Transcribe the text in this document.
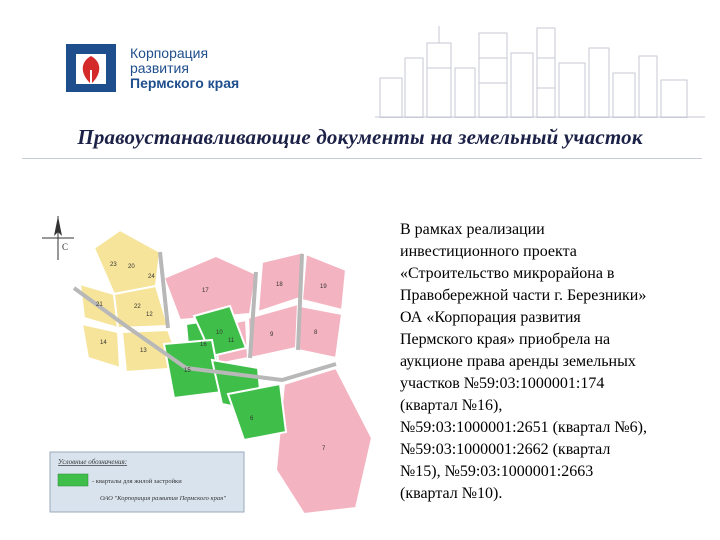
Корпорация
развития
Пермского края
Правоустанавливающие документы на земельный участок
С
16
10
15
6
17
18	19
9	8
7
11
12
13
14
20
21	22
23
24
Условные обозначения:
- кварталы для жилой застройки
ОАО "Корпорация развития Пермского края"
В рамках реализации
инвестиционного проекта
«Строительство микрорайона в
Правобережной части г. Березники»
ОА «Корпорация развития
Пермского края» приобрела на
аукционе права аренды земельных
участков №59:03:1000001:174
(квартал №16),
№59:03:1000001:2651 (квартал №6),
№59:03:1000001:2662 (квартал
№15), №59:03:1000001:2663
(квартал №10).
